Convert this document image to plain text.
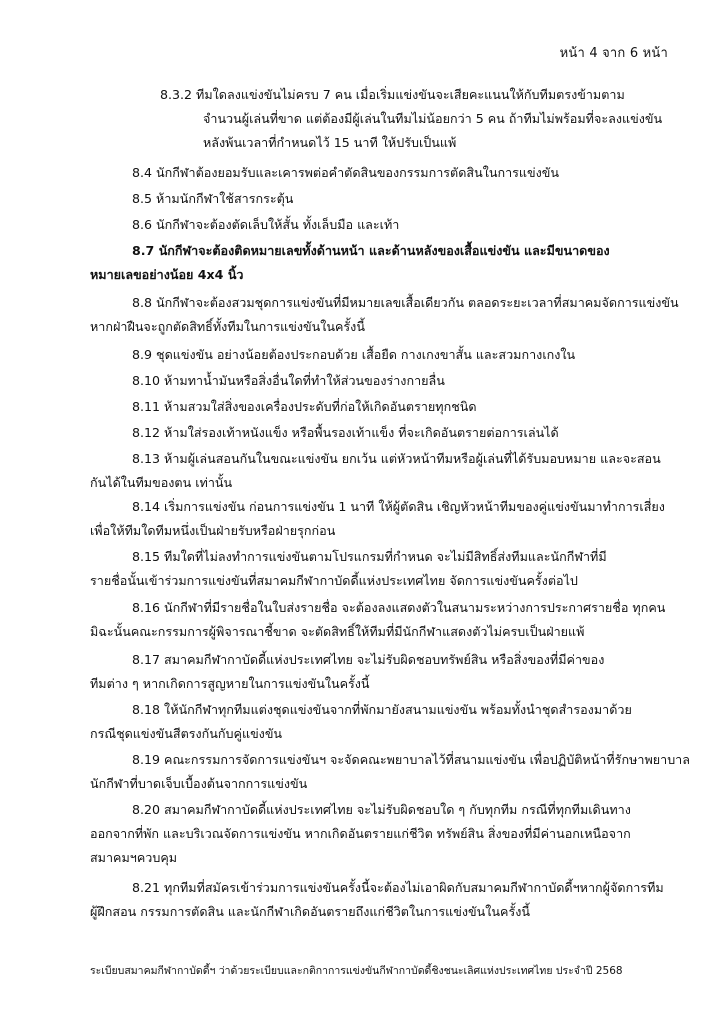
หน้า 4 จาก 6 หน้า
8.3.2 ทีมใดลงแข่งขันไม่ครบ 7 คน เมื่อเริ่มแข่งขันจะเสียคะแนนให้กับทีมตรงข้ามตาม
จำนวนผู้เล่นที่ขาด แต่ต้องมีผู้เล่นในทีมไม่น้อยกว่า 5 คน ถ้าทีมไม่พร้อมที่จะลงแข่งขัน
หลังพ้นเวลาที่กำหนดไว้ 15 นาที ให้ปรับเป็นแพ้
8.4 นักกีฬาต้องยอมรับและเคารพต่อคำตัดสินของกรรมการตัดสินในการแข่งขัน
8.5 ห้ามนักกีฬาใช้สารกระตุ้น
8.6 นักกีฬาจะต้องตัดเล็บให้สั้น ทั้งเล็บมือ และเท้า
8.7 นักกีฬาจะต้องติดหมายเลขทั้งด้านหน้า และด้านหลังของเสื้อแข่งขัน และมีขนาดของ
หมายเลขอย่างน้อย 4x4 นิ้ว
8.8 นักกีฬาจะต้องสวมชุดการแข่งขันที่มีหมายเลขเสื้อเดียวกัน ตลอดระยะเวลาที่สมาคมจัดการแข่งขัน
หากฝ่าฝืนจะถูกตัดสิทธิ์ทั้งทีมในการแข่งขันในครั้งนี้
8.9 ชุดแข่งขัน อย่างน้อยต้องประกอบด้วย เสื้อยืด กางเกงขาสั้น และสวมกางเกงใน
8.10 ห้ามทาน้ำมันหรือสิ่งอื่นใดที่ทำให้ส่วนของร่างกายลื่น
8.11 ห้ามสวมใส่สิ่งของเครื่องประดับที่ก่อให้เกิดอันตรายทุกชนิด
8.12 ห้ามใส่รองเท้าหนังแข็ง หรือพื้นรองเท้าแข็ง ที่จะเกิดอันตรายต่อการเล่นได้
8.13 ห้ามผู้เล่นสอนกันในขณะแข่งขัน ยกเว้น แต่หัวหน้าทีมหรือผู้เล่นที่ได้รับมอบหมาย และจะสอน
กันได้ในทีมของตน เท่านั้น
8.14 เริ่มการแข่งขัน ก่อนการแข่งขัน 1 นาที ให้ผู้ตัดสิน เชิญหัวหน้าทีมของคู่แข่งขันมาทำการเสี่ยง
เพื่อให้ทีมใดทีมหนึ่งเป็นฝ่ายรับหรือฝ่ายรุกก่อน
8.15 ทีมใดที่ไม่ลงทำการแข่งขันตามโปรแกรมที่กำหนด จะไม่มีสิทธิ์ส่งทีมและนักกีฬาที่มี
รายชื่อนั้นเข้าร่วมการแข่งขันที่สมาคมกีฬากาบัดดี้แห่งประเทศไทย จัดการแข่งขันครั้งต่อไป
8.16 นักกีฬาที่มีรายชื่อในใบส่งรายชื่อ จะต้องลงแสดงตัวในสนามระหว่างการประกาศรายชื่อ ทุกคน
มิฉะนั้นคณะกรรมการผู้พิจารณาชี้ขาด จะตัดสิทธิ์ให้ทีมที่มีนักกีฬาแสดงตัวไม่ครบเป็นฝ่ายแพ้
8.17 สมาคมกีฬากาบัดดี้แห่งประเทศไทย จะไม่รับผิดชอบทรัพย์สิน หรือสิ่งของที่มีค่าของ
ทีมต่าง ๆ หากเกิดการสูญหายในการแข่งขันในครั้งนี้
8.18 ให้นักกีฬาทุกทีมแต่งชุดแข่งขันจากที่พักมายังสนามแข่งขัน พร้อมทั้งนำชุดสำรองมาด้วย
กรณีชุดแข่งขันสีตรงกันกับคู่แข่งขัน
8.19 คณะกรรมการจัดการแข่งขันฯ จะจัดคณะพยาบาลไว้ที่สนามแข่งขัน เพื่อปฏิบัติหน้าที่รักษาพยาบาล
นักกีฬาที่บาดเจ็บเบื้องต้นจากการแข่งขัน
8.20 สมาคมกีฬากาบัดดี้แห่งประเทศไทย จะไม่รับผิดชอบใด ๆ กับทุกทีม กรณีที่ทุกทีมเดินทาง
ออกจากที่พัก และบริเวณจัดการแข่งขัน หากเกิดอันตรายแก่ชีวิต ทรัพย์สิน สิ่งของที่มีค่านอกเหนือจาก
สมาคมฯควบคุม
8.21 ทุกทีมที่สมัครเข้าร่วมการแข่งขันครั้งนี้จะต้องไม่เอาผิดกับสมาคมกีฬากาบัดดี้ฯหากผู้จัดการทีม
ผู้ฝึกสอน กรรมการตัดสิน และนักกีฬาเกิดอันตรายถึงแก่ชีวิตในการแข่งขันในครั้งนี้
ระเบียบสมาคมกีฬากาบัดดี้ฯ ว่าด้วยระเบียบและกติกาการแข่งขันกีฬากาบัดดี้ชิงชนะเลิศแห่งประเทศไทย ประจำปี 2568
